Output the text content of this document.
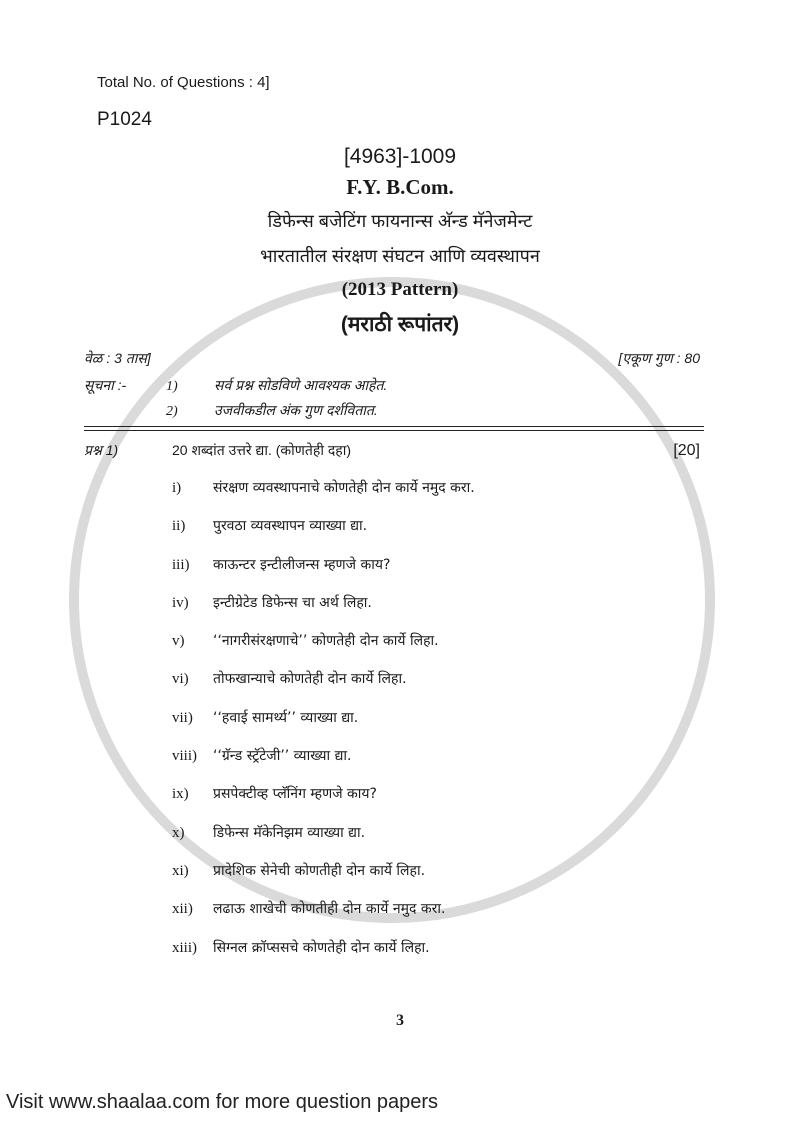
Total No. of Questions : 4]
P1024
[4963]-1009
F.Y. B.Com.
डिफेन्स बजेटिंग फायनान्स अ‍ॅन्ड मॅनेजमेन्ट
भारतातील संरक्षण संघटन आणि व्यवस्थापन
(2013 Pattern)
(मराठी रूपांतर)
वेळ : 3 तास]	[एकूण गुण : 80
सूचना :-	1)	सर्व प्रश्न सोडविणे आवश्यक आहेत.
2)	उजवीकडील अंक गुण दर्शवितात.
प्रश्न 1)	20 शब्दांत उत्तरे द्या. (कोणतेही दहा)	[20]
i)	संरक्षण व्यवस्थापनाचे कोणतेही दोन कार्ये नमुद करा.
ii)	पुरवठा व्यवस्थापन व्याख्या द्या.
iii)	काऊन्टर इन्टीलीजन्स म्हणजे काय?
iv)	इन्टीग्रेटेड डिफेन्स चा अर्थ लिहा.
v)	‘‘नागरीसंरक्षणाचे’’ कोणतेही दोन कार्ये लिहा.
vi)	तोफखान्याचे कोणतेही दोन कार्ये लिहा.
vii)	‘‘हवाई सामर्थ्य’’ व्याख्या द्या.
viii)	‘‘ग्रॅन्ड स्ट्रॅटेजी’’ व्याख्या द्या.
ix)	प्रसपेक्टीव्ह प्लॅनिंग म्हणजे काय?
x)	डिफेन्स मॅकेनिझम व्याख्या द्या.
xi)	प्रादेशिक सेनेची कोणतीही दोन कार्ये लिहा.
xii)	लढाऊ शाखेची कोणतीही दोन कार्ये नमुद करा.
xiii)	सिग्नल क्रॉप्ससचे कोणतेही दोन कार्ये लिहा.
3
Visit www.shaalaa.com for more question papers
